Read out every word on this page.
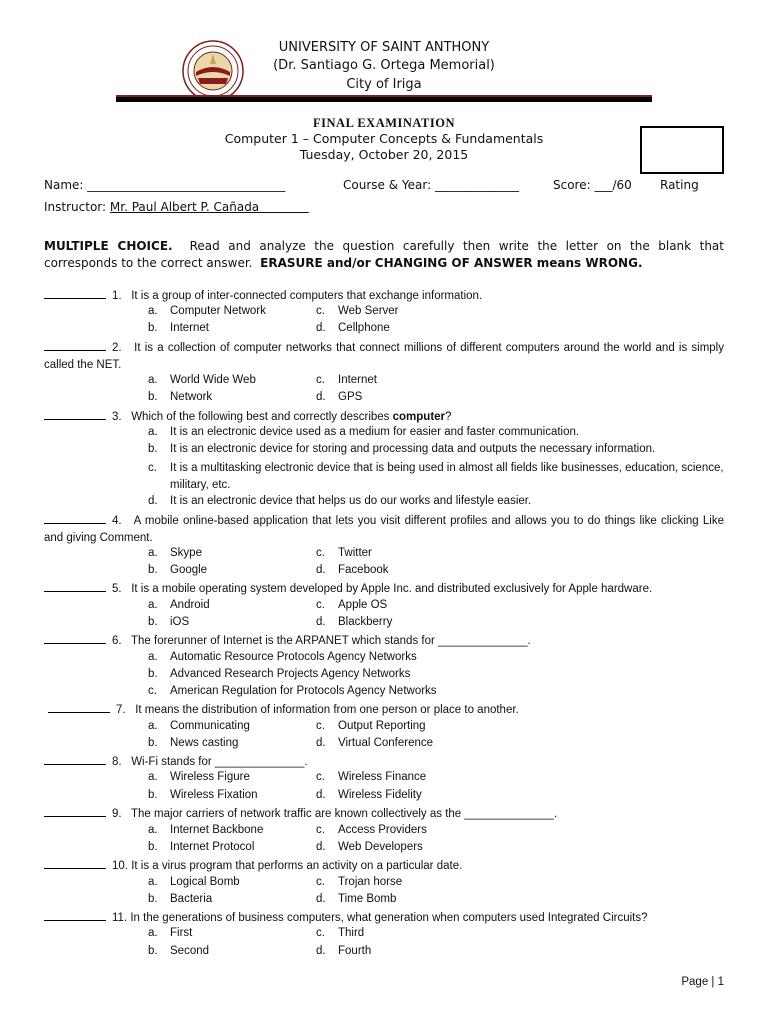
UNIVERSITY OF SAINT ANTHONY
(Dr. Santiago G. Ortega Memorial)
City of Iriga
FINAL EXAMINATION
Computer 1 – Computer Concepts & Fundamentals
Tuesday, October 20, 2015
Name: _________________________________	Course & Year: ______________	Score: ___/60 Rating
Instructor: Mr. Paul Albert P. Cañada
MULTIPLE CHOICE. Read and analyze the question carefully then write the letter on the blank that corresponds to the correct answer. ERASURE and/or CHANGING OF ANSWER means WRONG.
1. It is a group of inter-connected computers that exchange information.
a. Computer Network	c. Web Server
b. Internet	d. Cellphone
2. It is a collection of computer networks that connect millions of different computers around the world and is simply called the NET.
a. World Wide Web	c. Internet
b. Network	d. GPS
3. Which of the following best and correctly describes computer?
a. It is an electronic device used as a medium for easier and faster communication.
b. It is an electronic device for storing and processing data and outputs the necessary information.
c. It is a multitasking electronic device that is being used in almost all fields like businesses, education, science, military, etc.
d. It is an electronic device that helps us do our works and lifestyle easier.
4. A mobile online-based application that lets you visit different profiles and allows you to do things like clicking Like and giving Comment.
a. Skype	c. Twitter
b. Google	d. Facebook
5. It is a mobile operating system developed by Apple Inc. and distributed exclusively for Apple hardware.
a. Android	c. Apple OS
b. iOS	d. Blackberry
6. The forerunner of Internet is the ARPANET which stands for ______________.
a. Automatic Resource Protocols Agency Networks
b. Advanced Research Projects Agency Networks
c. American Regulation for Protocols Agency Networks
7. It means the distribution of information from one person or place to another.
a. Communicating	c. Output Reporting
b. News casting	d. Virtual Conference
8. Wi-Fi stands for ______________.
a. Wireless Figure	c. Wireless Finance
b. Wireless Fixation	d. Wireless Fidelity
9. The major carriers of network traffic are known collectively as the ______________.
a. Internet Backbone	c. Access Providers
b. Internet Protocol	d. Web Developers
10. It is a virus program that performs an activity on a particular date.
a. Logical Bomb	c. Trojan horse
b. Bacteria	d. Time Bomb
11. In the generations of business computers, what generation when computers used Integrated Circuits?
a. First	c. Third
b. Second	d. Fourth
Page | 1
